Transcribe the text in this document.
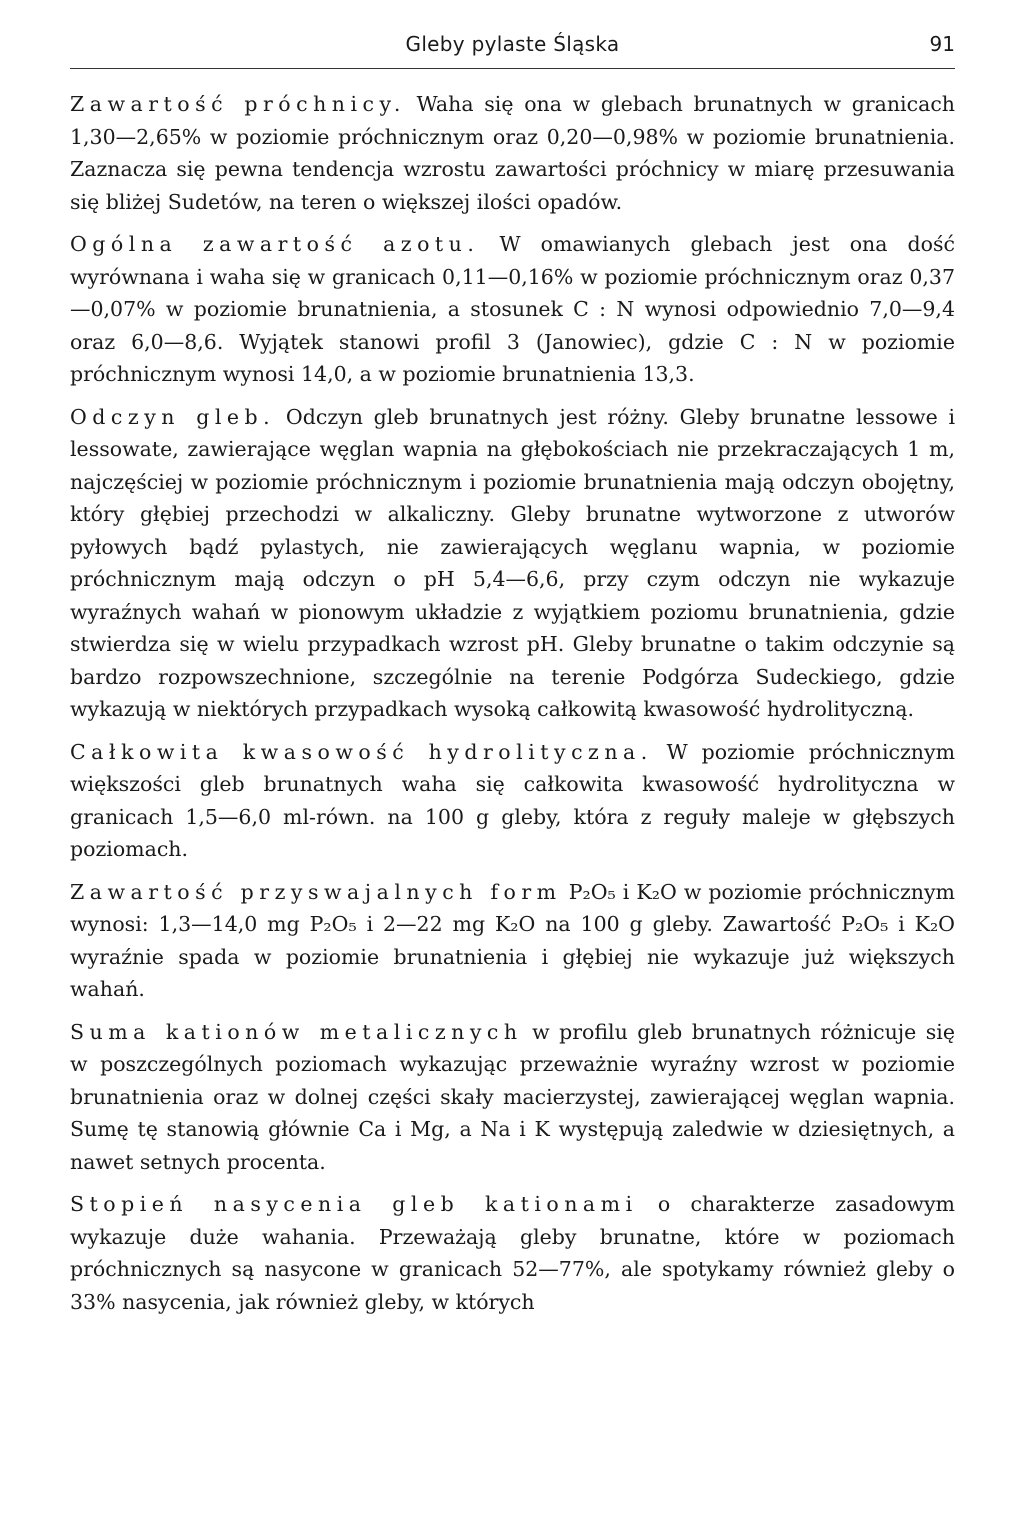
Gleby pylaste Śląska	91

Zawartość próchnicy. Waha się ona w glebach brunatnych w granicach 1,30—2,65% w poziomie próchnicznym oraz 0,20—0,98% w poziomie brunatnienia. Zaznacza się pewna tendencja wzrostu zawartości próchnicy w miarę przesuwania się bliżej Sudetów, na teren o większej ilości opadów.

Ogólna zawartość azotu. W omawianych glebach jest ona dość wyrównana i waha się w granicach 0,11—0,16% w poziomie próchnicznym oraz 0,37—0,07% w poziomie brunatnienia, a stosunek C : N wynosi odpowiednio 7,0—9,4 oraz 6,0—8,6. Wyjątek stanowi profil 3 (Janowiec), gdzie C : N w poziomie próchnicznym wynosi 14,0, a w poziomie brunatnienia 13,3.

Odczyn gleb. Odczyn gleb brunatnych jest różny. Gleby brunatne lessowe i lessowate, zawierające węglan wapnia na głębokościach nie przekraczających 1 m, najczęściej w poziomie próchnicznym i poziomie brunatnienia mają odczyn obojętny, który głębiej przechodzi w alkaliczny. Gleby brunatne wytworzone z utworów pyłowych bądź pylastych, nie zawierających węglanu wapnia, w poziomie próchnicznym mają odczyn o pH 5,4—6,6, przy czym odczyn nie wykazuje wyraźnych wahań w pionowym układzie z wyjątkiem poziomu brunatnienia, gdzie stwierdza się w wielu przypadkach wzrost pH. Gleby brunatne o takim odczynie są bardzo rozpowszechnione, szczególnie na terenie Podgórza Sudeckiego, gdzie wykazują w niektórych przypadkach wysoką całkowitą kwasowość hydrolityczną.

Całkowita kwasowość hydrolityczna. W poziomie próchnicznym większości gleb brunatnych waha się całkowita kwasowość hydrolityczna w granicach 1,5—6,0 ml-równ. na 100 g gleby, która z reguły maleje w głębszych poziomach.

Zawartość przyswajalnych form P₂O₅ i K₂O w poziomie próchnicznym wynosi: 1,3—14,0 mg P₂O₅ i 2—22 mg K₂O na 100 g gleby. Zawartość P₂O₅ i K₂O wyraźnie spada w poziomie brunatnienia i głębiej nie wykazuje już większych wahań.

Suma kationów metalicznych w profilu gleb brunatnych różnicuje się w poszczególnych poziomach wykazując przeważnie wyraźny wzrost w poziomie brunatnienia oraz w dolnej części skały macierzystej, zawierającej węglan wapnia. Sumę tę stanowią głównie Ca i Mg, a Na i K występują zaledwie w dziesiętnych, a nawet setnych procenta.

Stopień nasycenia gleb kationami o charakterze zasadowym wykazuje duże wahania. Przeważają gleby brunatne, które w poziomach próchnicznych są nasycone w granicach 52—77%, ale spotykamy również gleby o 33% nasycenia, jak również gleby, w których
